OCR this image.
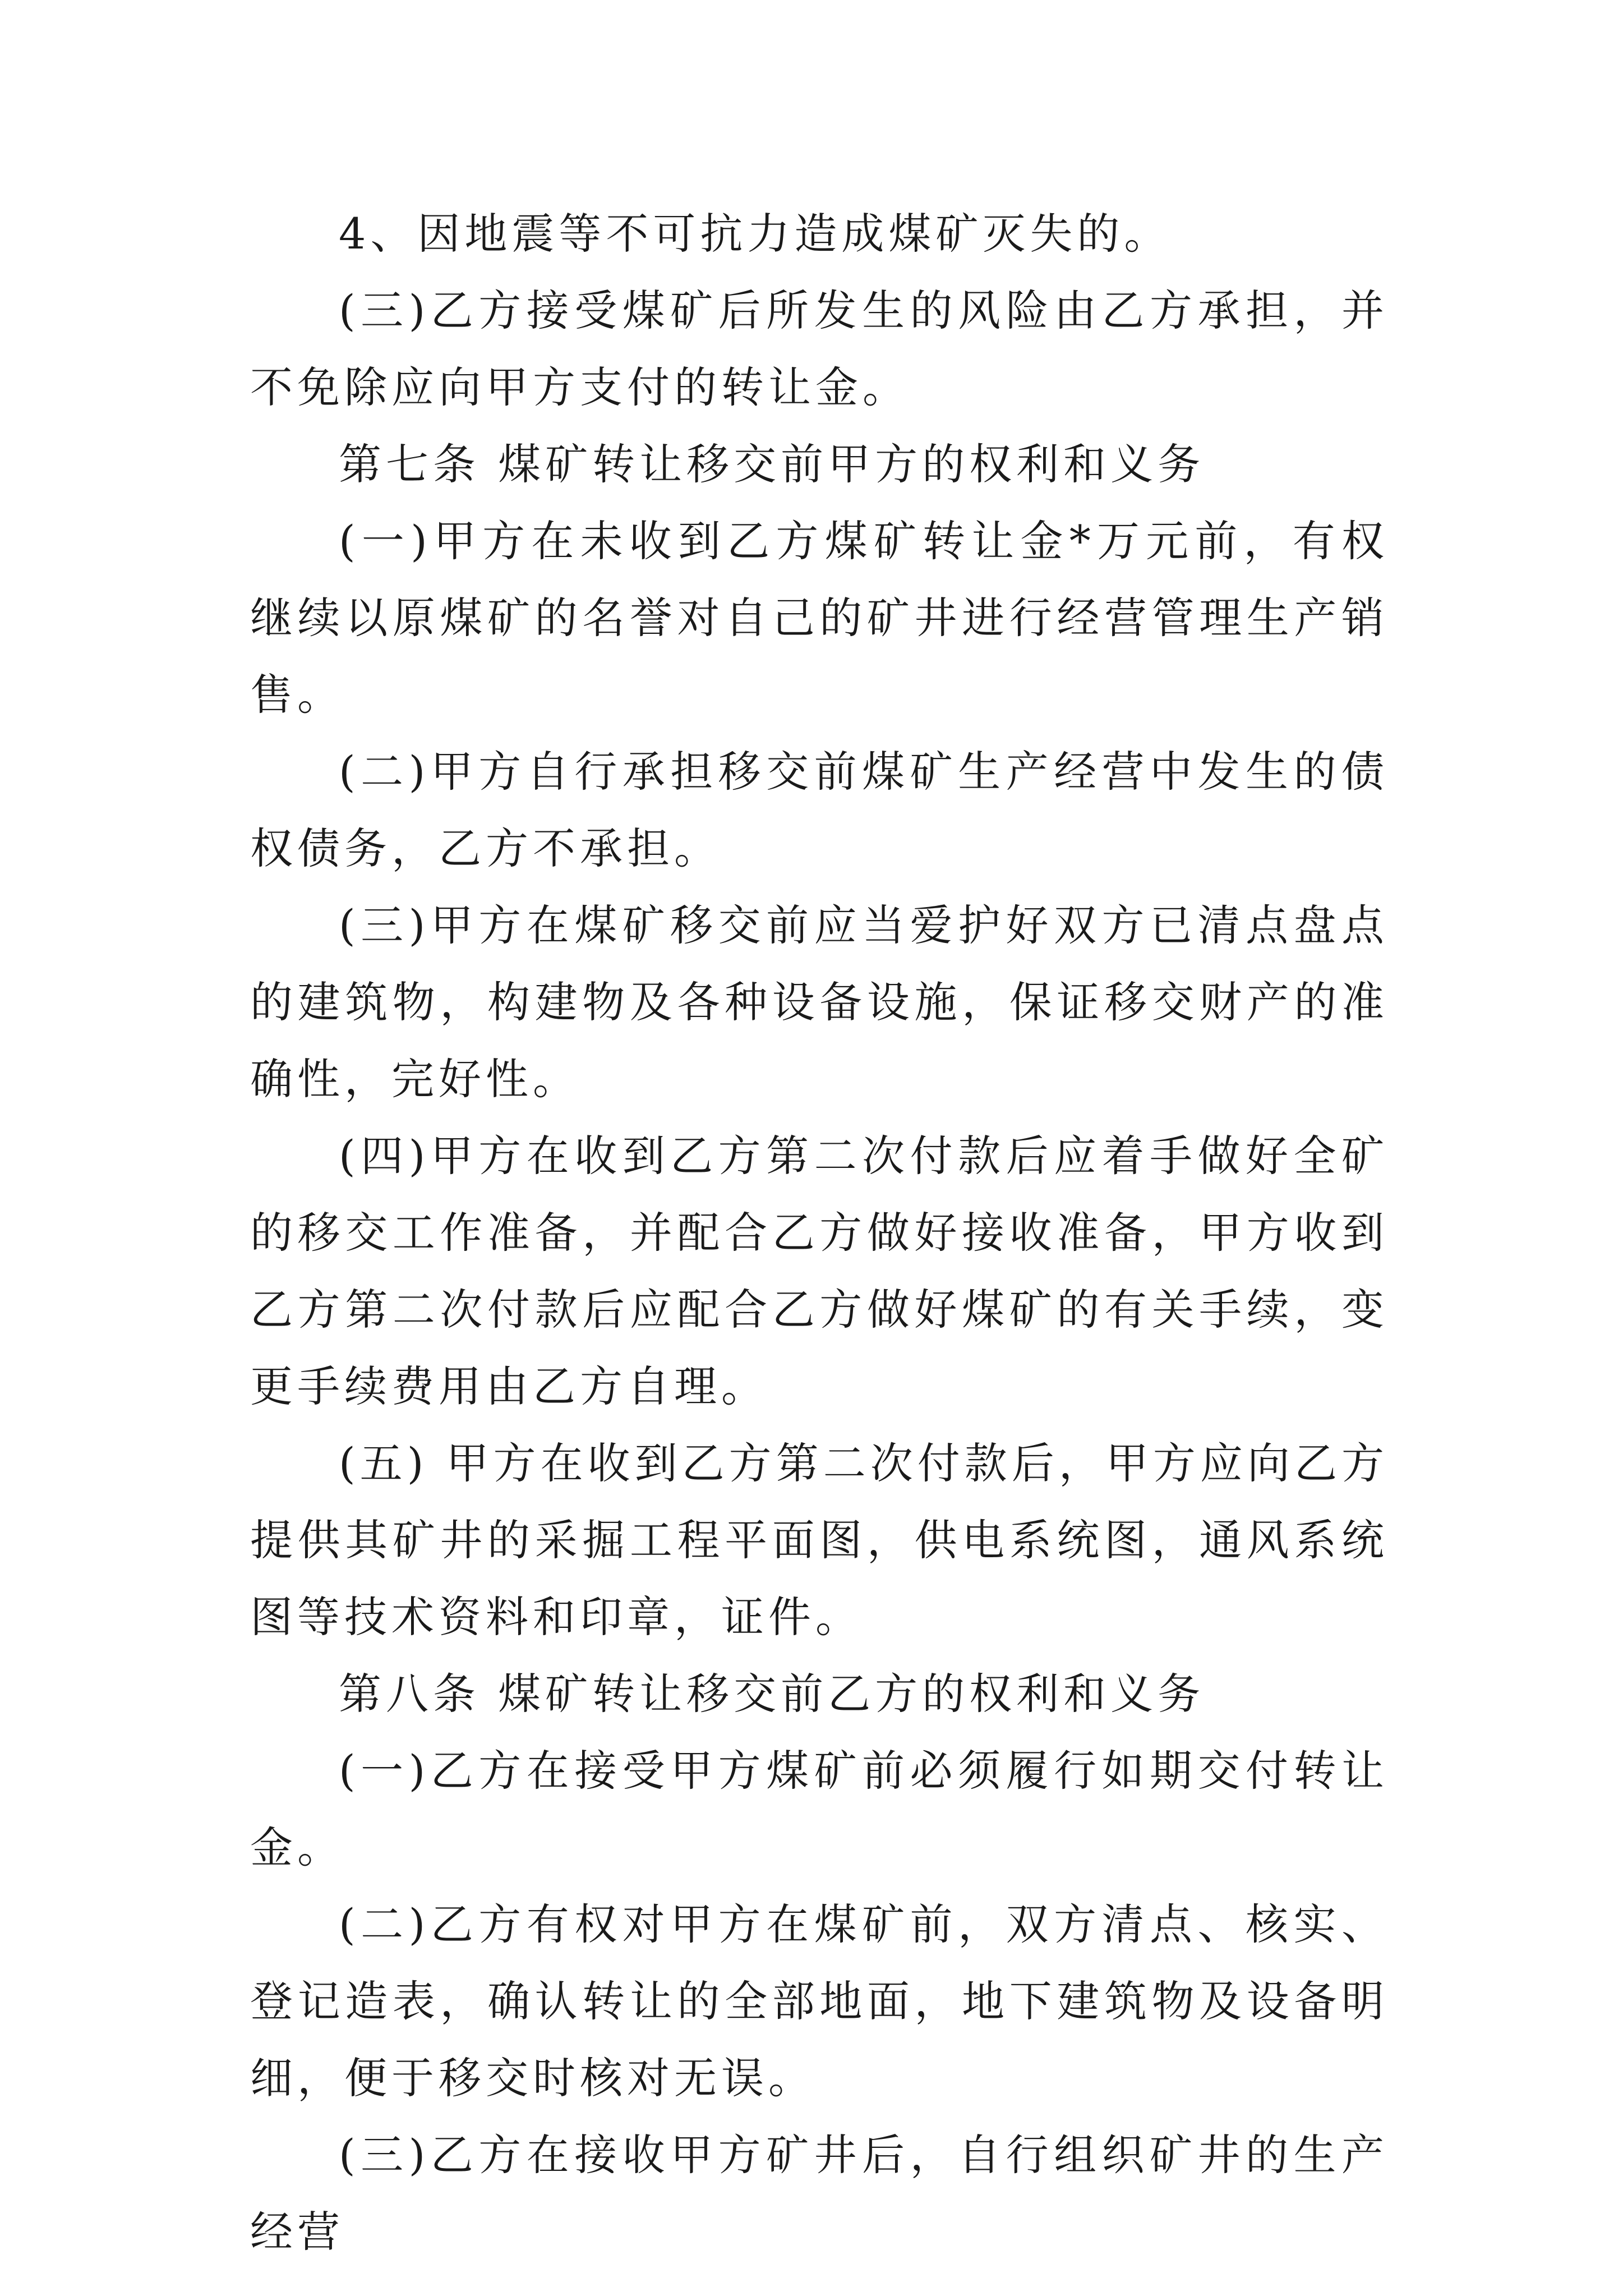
4、因地震等不可抗力造成煤矿灭失的。

(三)乙方接受煤矿后所发生的风险由乙方承担，并不免除应向甲方支付的转让金。

第七条 煤矿转让移交前甲方的权利和义务

(一)甲方在未收到乙方煤矿转让金*万元前，有权继续以原煤矿的名誉对自己的矿井进行经营管理生产销售。

(二)甲方自行承担移交前煤矿生产经营中发生的债权债务，乙方不承担。

(三)甲方在煤矿移交前应当爱护好双方已清点盘点的建筑物，构建物及各种设备设施，保证移交财产的准确性，完好性。

(四)甲方在收到乙方第二次付款后应着手做好全矿的移交工作准备，并配合乙方做好接收准备，甲方收到乙方第二次付款后应配合乙方做好煤矿的有关手续，变更手续费用由乙方自理。

(五) 甲方在收到乙方第二次付款后，甲方应向乙方提供其矿井的采掘工程平面图，供电系统图，通风系统图等技术资料和印章，证件。

第八条 煤矿转让移交前乙方的权利和义务

(一)乙方在接受甲方煤矿前必须履行如期交付转让金。

(二)乙方有权对甲方在煤矿前，双方清点、核实、登记造表，确认转让的全部地面，地下建筑物及设备明细，便于移交时核对无误。

(三)乙方在接收甲方矿井后，自行组织矿井的生产经营
